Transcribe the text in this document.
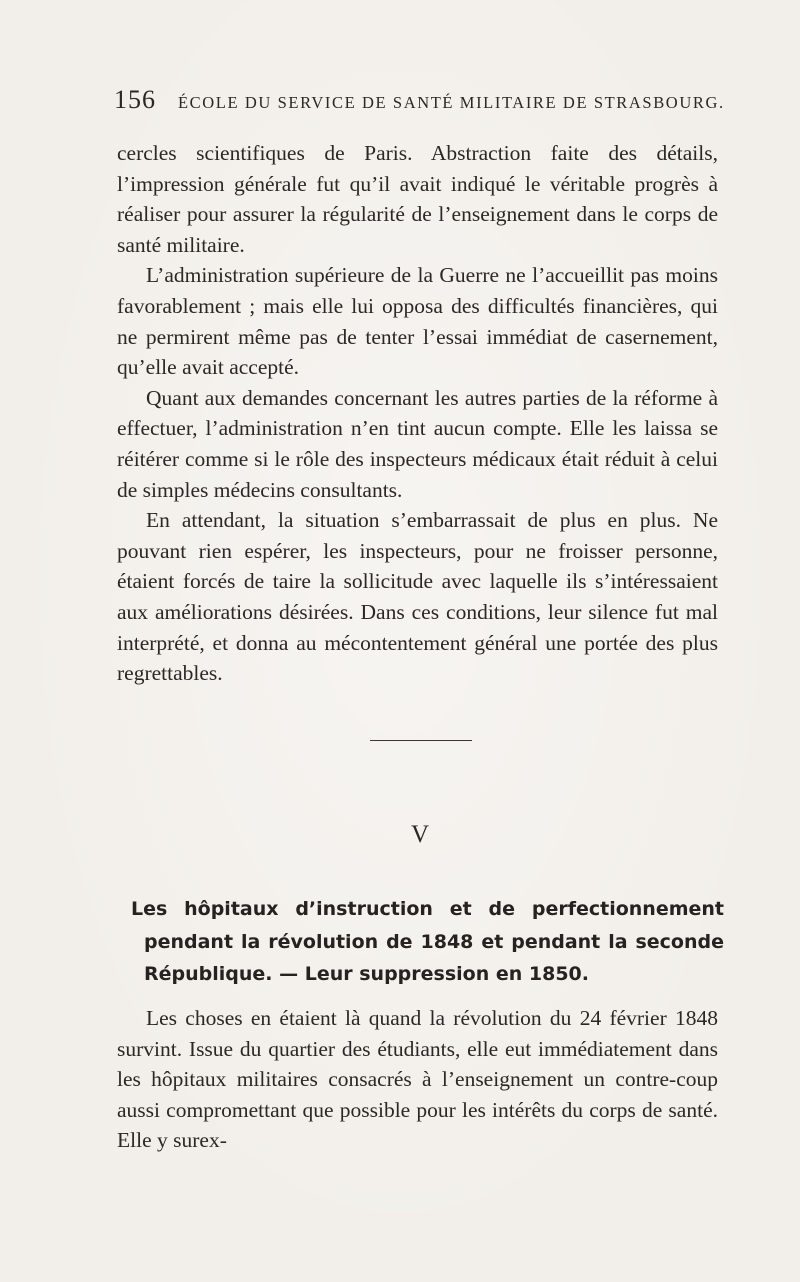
156 ÉCOLE DU SERVICE DE SANTÉ MILITAIRE DE STRASBOURG.

cercles scientifiques de Paris. Abstraction faite des détails, l’impression générale fut qu’il avait indiqué le véritable progrès à réaliser pour assurer la régularité de l’enseignement dans le corps de santé militaire.

L’administration supérieure de la Guerre ne l’accueillit pas moins favorablement ; mais elle lui opposa des difficultés financières, qui ne permirent même pas de tenter l’essai immédiat de casernement, qu’elle avait accepté.

Quant aux demandes concernant les autres parties de la réforme à effectuer, l’administration n’en tint aucun compte. Elle les laissa se réitérer comme si le rôle des inspecteurs médicaux était réduit à celui de simples médecins consultants.

En attendant, la situation s’embarrassait de plus en plus. Ne pouvant rien espérer, les inspecteurs, pour ne froisser personne, étaient forcés de taire la sollicitude avec laquelle ils s’intéressaient aux améliorations désirées. Dans ces conditions, leur silence fut mal interprété, et donna au mécontentement général une portée des plus regrettables.

V
Les hôpitaux d’instruction et de perfectionnement pendant la révolution de 1848 et pendant la seconde République. — Leur suppression en 1850.

Les choses en étaient là quand la révolution du 24 février 1848 survint. Issue du quartier des étudiants, elle eut immédiatement dans les hôpitaux militaires consacrés à l’enseignement un contre-coup aussi compromettant que possible pour les intérêts du corps de santé. Elle y surex-
